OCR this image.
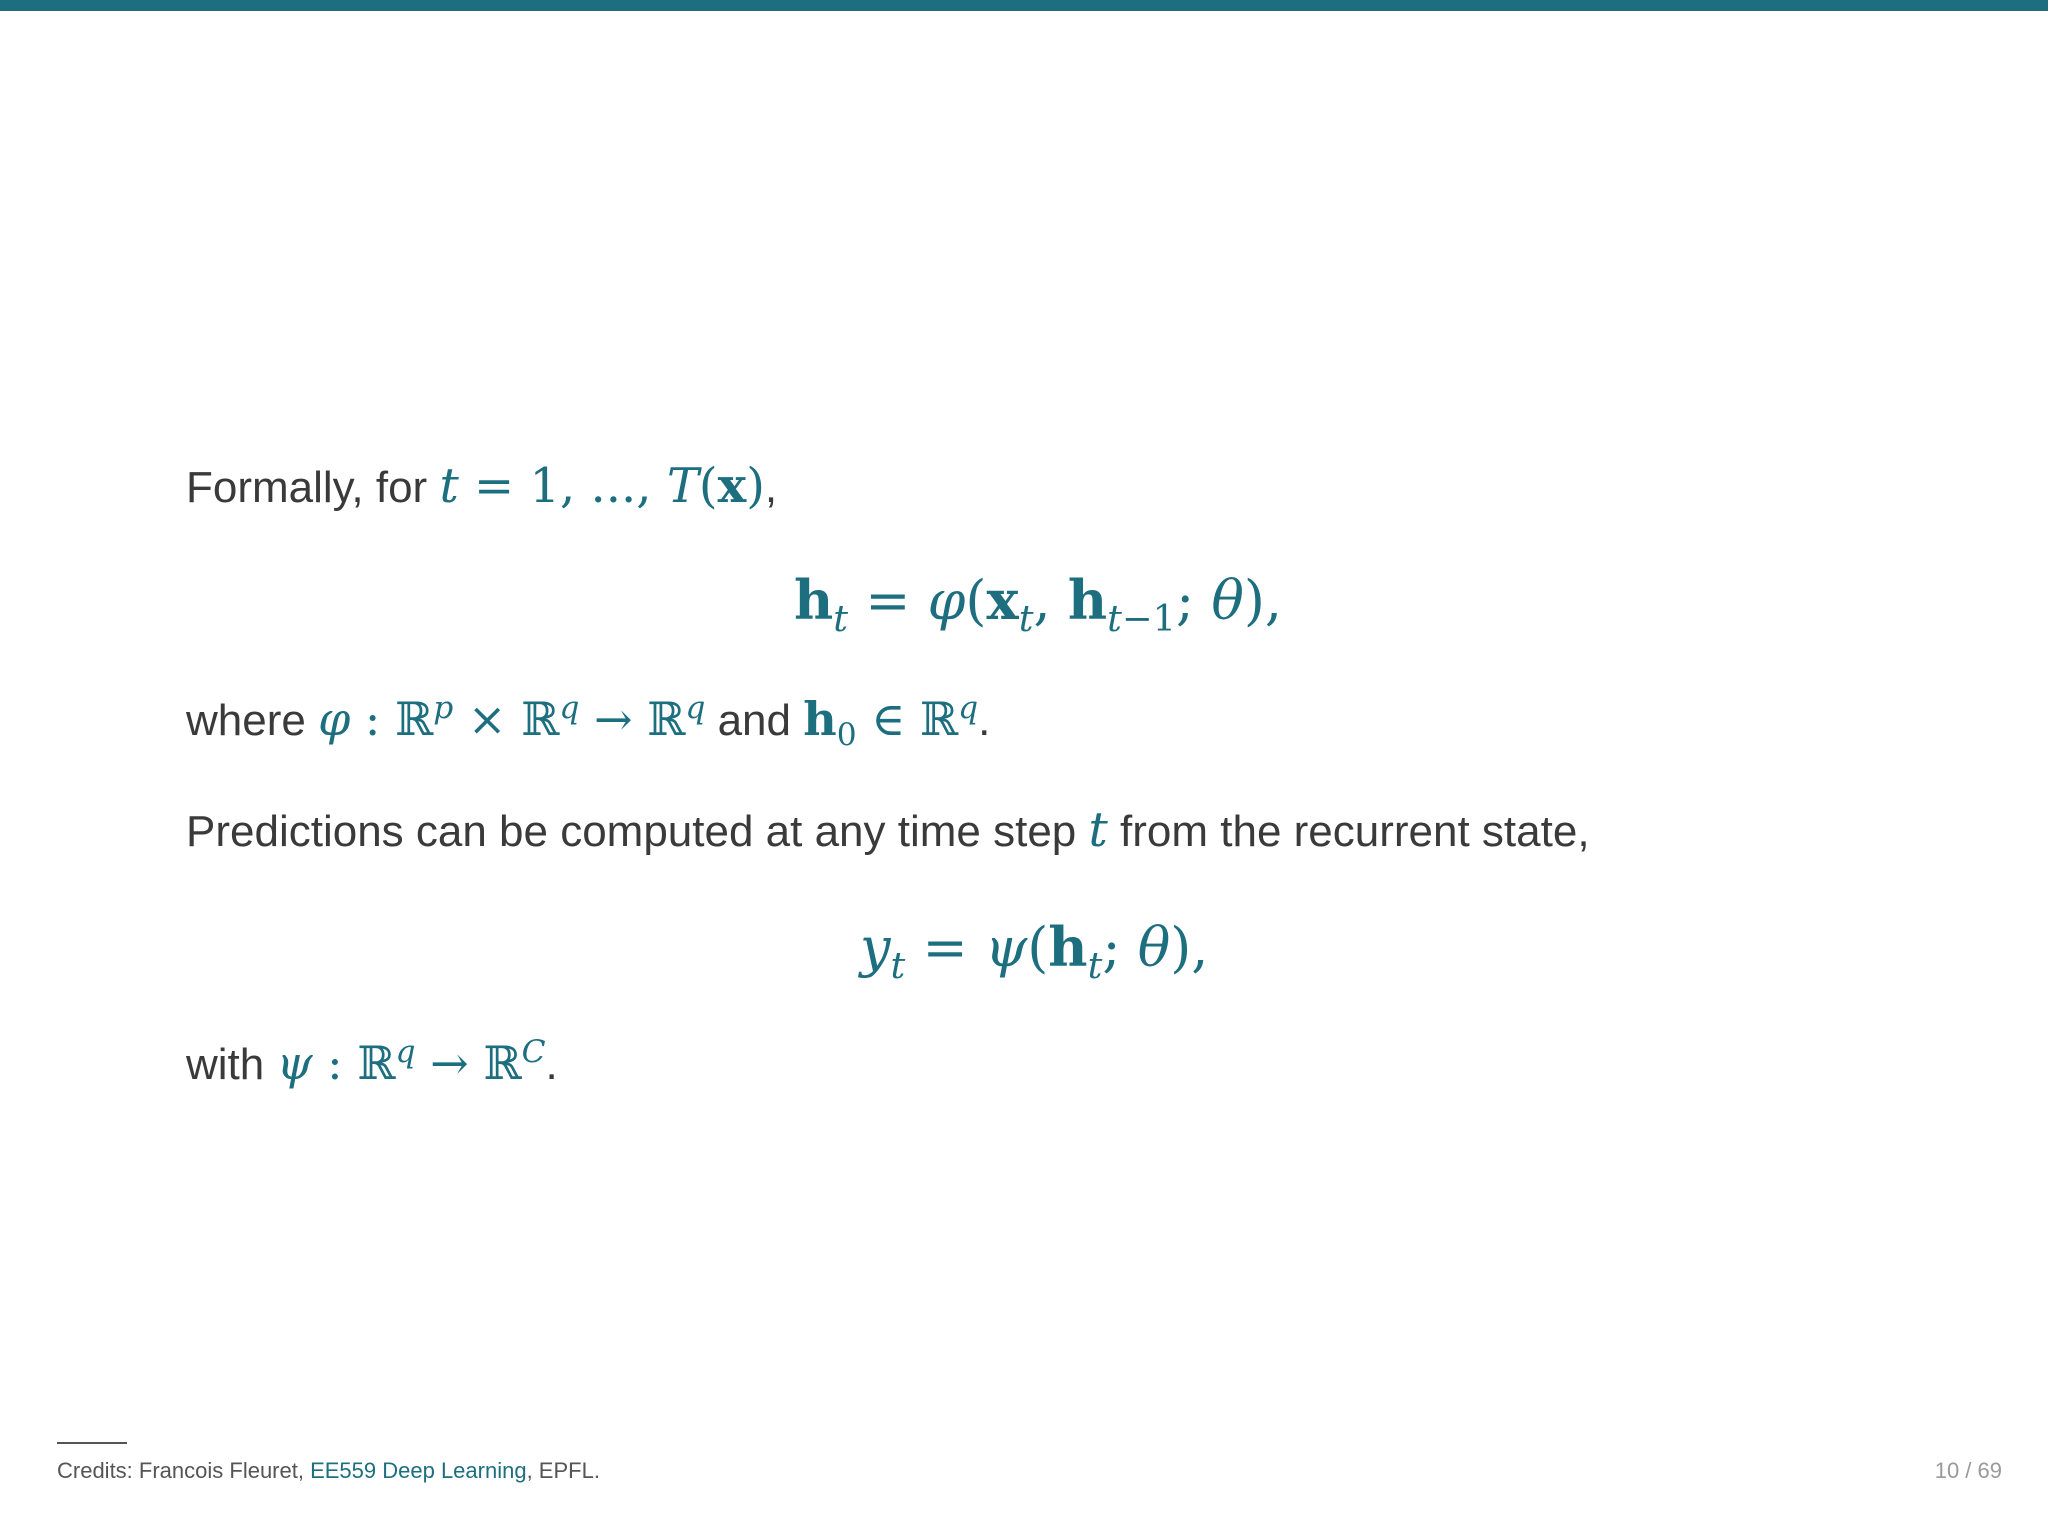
Formally, for t = 1, ..., T(x),
$h_t = \varphi(x_t$, $h_{t-1}$; θ),
where φ : ℝ$^p$ × ℝ$^q$ → ℝ$^q$ and $h_0$ ∈ ℝ$^q$.
Predictions can be computed at any time step t from the recurrent state,
$y_t = \psi(h_t$; θ),
with ψ : ℝ$^q$ → ℝ$^C$.
Credits: Francois Fleuret, EE559 Deep Learning, EPFL.	10 / 69
